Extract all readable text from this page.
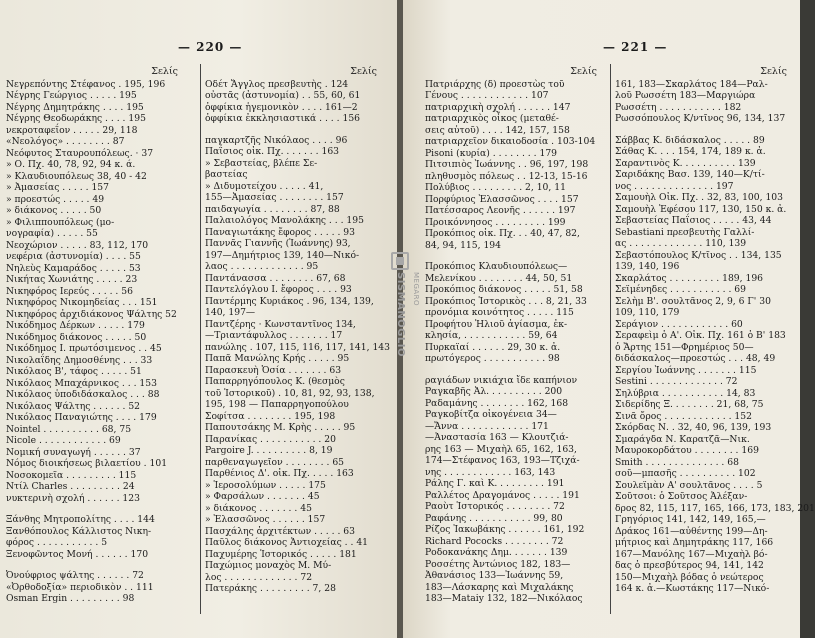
— 220 —
Σελίς
Νεγρεπόντης Στέφανος . 195, 196
Νέγρης Γεώργιος . . . . . 195
Νέγρης Δημητράκης . . . . 195
Νέγρης Θεοδωράκης . . . . 195
νεκροταφεΐον . . . . . 29, 118
«Νεολόγος» . . . . . . . . 87
Νεόφυτος Σταυρουπόλεως. · 37
» Ο. Πχ. 40, 78, 92, 94 κ. ά.
» Κλαυδιουπόλεως 38, 40 - 42
» Ἀμασείας . . . . . 157
» προεστώς . . . . . 49
» διάκονος . . . . . 50
» Φιλιππουπόλεως (μο-
νογραφία) . . . . . 55
Νεοχώριον . . . . . 83, 112, 170
νεφέρια (ἀστυνομία) . . . . 55
Νηλεὺς Καμαράδος . . . . . 53
Νικήτας Χωνιάτης . . . . . 23
Νικηφόρος Ιερεύς . . . . . 56
Νικηφόρος Νικομηδείας . . . 151
Νικηφόρος ἀρχιδιάκονος Ψάλτης 52
Νικόδημος Δέρκων . . . . . 179
Νικόδημος διάκονος . . . . . 50
Νικόδημος Ι. πρωτόσιμενος . . 45
Νικολαΐδης Δημοσθένης . . . 33
Νικόλαος Β', τάφος . . . . . 51
Νικόλαος Μπαχάρνικος . . . 153
Νικόλαος ὑποδιδάσκαλος . . . 88
Νικόλαος Ψάλτης . . . . . . 52
Νικόλαος Παναγιώτης . . . . 179
Nointel . . . . . . . . . . 68, 75
Nicole . . . . . . . . . . . . 69
Νομική συναγωγή . . . . . . 37
Νόμος διοικήσεως βιλαετίου . 101
Νοσοκομεῖα . . . . . . . . . 115
Ντίλ Charles . . . . . . . . . 24
νυκτερινὴ σχολή . . . . . . 123
Ξάνθης Μητροπολίτης . . . . 144
Ξανθόπουλος Κάλλιστος Νικη-
φόρος . . . . . . . . . . . 5
Ξενοφῶντος Μονή . . . . . . 170
Ὀνούφριος ψάλτης . . . . . . 72
«Ὀρθοδοξία» περιοδικὸν . . 111
Osman Ergin . . . . . . . . . 98
Σελίς
Οδέτ Ἄγγλος πρεσβευτὴς . 124
οὐστᾶς (ἀστυνομία) . . 55, 60, 61
ὀφφίκια ἡγεμονικὸν . . . . 161—2
ὀφφίκια ἐκκλησιαστικά . . . . 156
παγκαρτζῆς Νικόλαος . . . . 96
Παΐσιος οἰκ. Πχ. . . . . . . 163
» Σεβαστείας, βλέπε Σε-
βαστείας
» Διδυμοτείχου . . . . . 41,
155—Ἀμασείας . . . . . . . . 157
παιδαγωγία . . . . . . . . 87, 88
Παλαιολόγος Μανολάκης . . . 195
Παναγιωτάκης ἔφορος . . . . . 93
Παννᾶς Γιαννῆς (Ἰωάννης) 93,
197—Δημήτριος 139, 140—Νικό-
λαος . . . . . . . . . . . . . 95
Παντάνασσα . . . . . . . . 67, 68
Παντελόγλου Ι. ἔφορος . . . . 93
Παντέρμης Κυριάκος . 96, 134, 139,
140, 197—
Παντζέρης · Κωνσταντῖνος 134,
—Τριαντάφυλλος . . . . . . . 17
πανώλης . 107, 115, 116, 117, 141, 143
Παπᾶ Μανώλης Κρής . . . . . 95
Παρασκευὴ Ὁσία . . . . . . . 63
Παπαρρηγόπουλος Κ. (θεσμὸς
τοῦ Ἱστορικοῦ) . 10, 81, 92, 93, 138,
195, 198 — Παπαρρηγοπούλου
Σοφίτσα . . . . . . . . 195, 198
Παπουτσάκης Μ. Κρὴς . . . . . 95
Παρανίκας . . . . . . . . . . . 20
Pargoire J. . . . . . . . . . 8, 19
παρθεναγωγεῖον . . . . . . . . 65
Παρθένιος Δ'. οἰκ. Πχ. . . . . 163
» Ἱεροσολύμων . . . . . 175
» Φαρσάλων . . . . . . . 45
» διάκονος . . . . . . . 45
» Ἐλασσῶνος . . . . . . 157
Πασχάλης ἀρχιτέκτων . . . . . 63
Παῦλος διάκονος Ἀντιοχείας . . 41
Παχυμέρης Ἱστορικός . . . . . 181
Παχώμιος μοναχὸς Μ. Μύ-
λος . . . . . . . . . . . . . 72
Πατεράκης . . . . . . . . . 7, 28
— 221 —
Σελίς
Πατριάρχης (δ) προεστὼς τοῦ
Γένους . . . . . . . . . . . . 107
πατριαρχικὴ σχολή . . . . . . 147
πατριαρχικὸς οἶκος (μεταθέ-
σεις αὐτοῦ) . . . . 142, 157, 158
πατριαρχεῖον δικαιοδοσία . 103-104
Pisoni (κυρία) . . . . . . . . 179
Πιτσιπιὸς Ἰωάννης . . 96, 197, 198
πληθυσμὸς πόλεως . . 12-13, 15-16
Πολύβιος . . . . . . . . . 2, 10, 11
Πορφύριος Ἐλασσῶνος . . . . 157
Πατέσσαρος Λεονῆς . . . . . . 197
Προικόννησος . . . . . . . . . 199
Προκόπιος οἰκ. Πχ. . . 40, 47, 82,
84, 94, 115, 194
Προκόπιος Κλαυδιουπόλεως—
Μελενίκου . . . . . . . . 44, 50, 51
Προκόπιος διάκονος . . . . . 51, 58
Προκόπιος Ἱστορικὸς . . . 8, 21, 33
προνόμια κοινότητος . . . . . 115
Προφήτου Ἡλιοῦ ἁγίασμα, ἐκ-
κλησία, . . . . . . . . . . . 59, 64
Πυρκαϊαί . . . . . . 29, 30 κ. ἀ.
πρωτόγερος . . . . . . . . . . . 98
ραγιάδων νικιάχια ἴδε καπήνιον
Ραγκαβῆς Ἀλ. . . . . . . . . . 200
Ραδαμάνης . . . . . . . . 162, 168
Ραγκοβίτζα οἰκογένεια 34—
—Ἄννα . . . . . . . . . . . . 171
—Ἀναστασία 163 — Κλουτζιά-
ρης 163 — Μιχαὴλ 65, 162, 163,
174—Στέφανος 163, 193—Τζιχά-
νης . . . . . . . . . . . . 163, 143
Ράλης Γ. καὶ Κ. . . . . . . . . 191
Ραλλέτος Δραγομάνος . . . . . 191
Ραοὺτ Ἱστορικός . . . . . . . . 72
Ραφάνης . . . . . . . . . . . 99, 80
Ρίζος Ἰακωβάκης . . . . . . 161, 192
Richard Pococks . . . . . . . . 72
Ροδοκανάκης Δημ. . . . . . . 139
Ροσσέτης Ἀντώνιος 182, 183—
Ἀθανάσιος 133—Ἰωάννης 59,
183—Λάσκαρης καὶ Μιχαλάκης
183—Mataiy 132, 182—Νικόλαος
Σελίς
161, 183—Σκαρλάτος 184—Ραλ-
λοῦ Ρωσσέτη 183—Μαργιώρα
Ρωσσέτη . . . . . . . . . . . 182
Ρωσσόπουλος Κ/ντῖνος 96, 134, 137
Σάββας Κ. διδάσκαλος . . . . . 89
Σάθας Κ. . . . 154, 174, 189 κ. ἀ.
Σαραντινὸς Κ. . . . . . . . . . 139
Σαριδάκης Βασ. 139, 140—Κ/τί-
νος . . . . . . . . . . . . . . 197
Σαμουὴλ Οἰκ. Πχ. . 32, 83, 100, 103
Σαμουὴλ Ἐφέσου 117, 130, 150 κ. ἀ.
Σεβαστείας Παΐσιος . . . . . 43, 44
Sebastiani πρεσβευτὴς Γαλλί-
ας . . . . . . . . . . . . . 110, 139
Σεβαστόπουλος Κ/τῖνος . . 134, 135
139, 140, 196
Σκαρλάτος . . . . . . . . . 189, 196
Σεϊμένηδες . . . . . . . . . . . 69
Σελὴμ Β'. σουλτᾶνος 2, 9, 6 Γ' 30
109, 110, 179
Σεράγιον . . . . . . . . . . . . 60
Σεραφεὶμ ὁ Α'. Οἰκ. Πχ. 161 ὁ Β' 183
ὁ Ἄρτης 151—Φρημέριος 50—
διδάσκαλος—προεστώς . . . 48, 49
Σεργίου Ἰωάννης . . . . . . . 115
Sestini . . . . . . . . . . . . . 72
Σηλύβρια . . . . . . . . . . . 14, 83
Σιδερίδης Ξ. . . . . . . . 21, 68, 75
Σινᾶ ὄρος . . . . . . . . . . . . 152
Σκόρδας Ν. . 32, 40, 96, 139, 193
Σμαράγδα Ν. Καρατζᾶ—Νικ.
Μαυροκορδάτου . . . . . . . . 169
Smith . . . . . . . . . . . . . . 68
σοῦ—μπασῆς . . . . . . . . . . 102
Σουλεϊμὰν Α' σουλτᾶνος . . . . 5
Σοῦτσοι: ὁ Σοῦτσος Ἀλέξαν-
δρος 82, 115, 117, 165, 166, 173, 183, 201
Γρηγόριος 141, 142, 149, 165,—
Δράκος 161—αὐθέντης 199—Δη-
μήτριος καὶ Δημητράκης 117, 166
167—Μανόλης 167—Μιχαὴλ βό-
δας ὁ πρεσβύτερος 94, 141, 142
150—Μιχαὴλ βόδας ὁ νεώτερος
164 κ. ἀ.—Κωστάκης 117—Νικό-
SISMANOGLIO MEGARO
